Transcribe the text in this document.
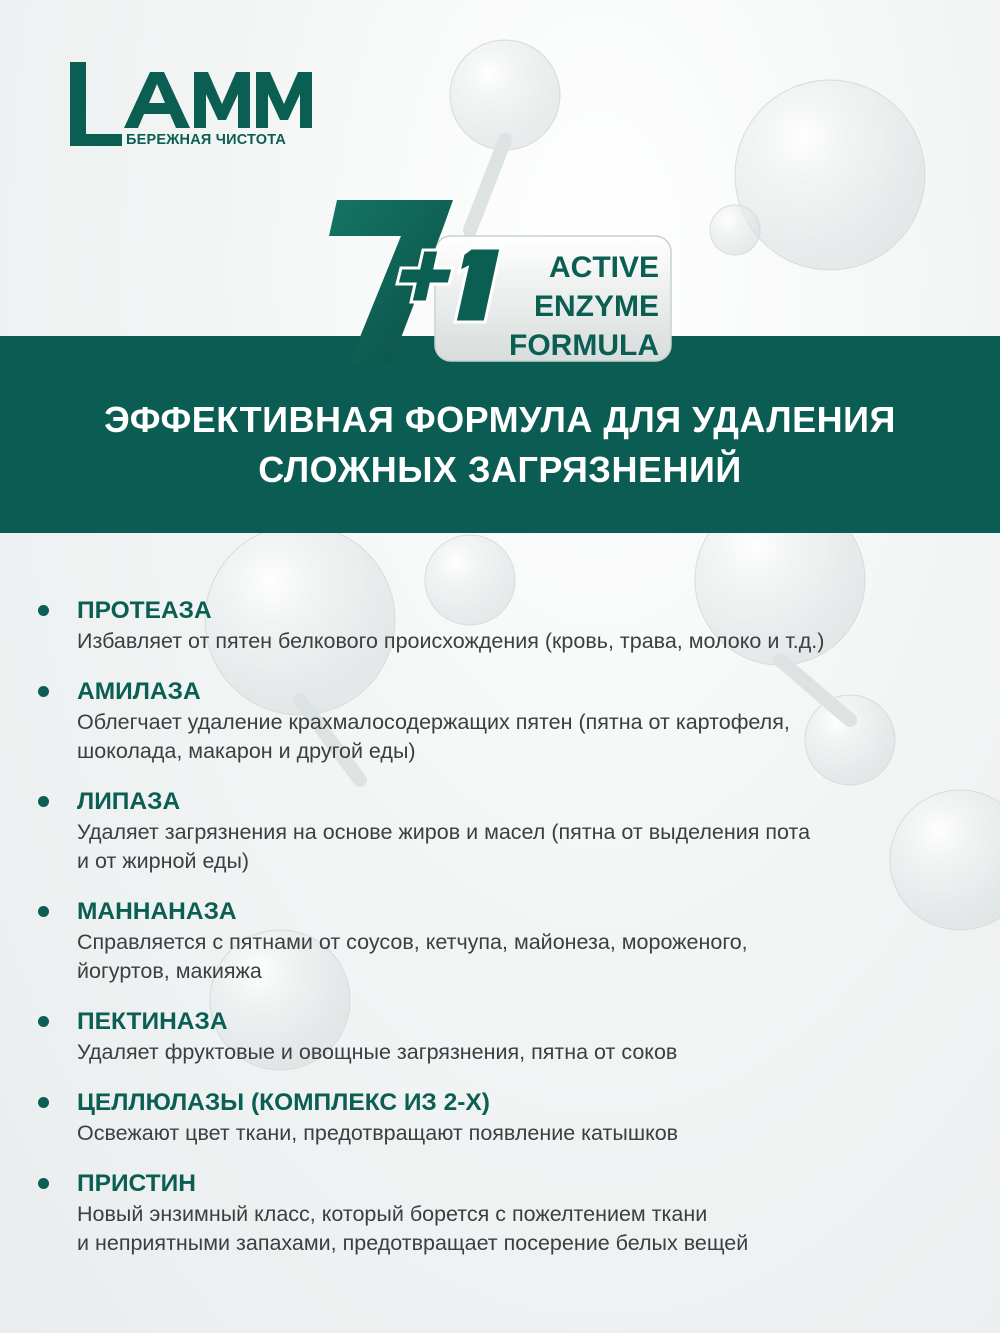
БЕРЕЖНАЯ ЧИСТОТА
ACTIVE
ENZYME
FORMULA
ЭФФЕКТИВНАЯ ФОРМУЛА ДЛЯ УДАЛЕНИЯ
СЛОЖНЫХ ЗАГРЯЗНЕНИЙ
ПРОТЕАЗА
Избавляет от пятен белкового происхождения (кровь, трава, молоко и т.д.)
АМИЛАЗА
Облегчает удаление крахмалосодержащих пятен (пятна от картофеля,
шоколада, макарон и другой еды)
ЛИПАЗА
Удаляет загрязнения на основе жиров и масел (пятна от выделения пота
и от жирной еды)
МАННАНАЗА
Справляется с пятнами от соусов, кетчупа, майонеза, мороженого,
йогуртов, макияжа
ПЕКТИНАЗА
Удаляет фруктовые и овощные загрязнения, пятна от соков
ЦЕЛЛЮЛАЗЫ (КОМПЛЕКС ИЗ 2-Х)
Освежают цвет ткани, предотвращают появление катышков
ПРИСТИН
Новый энзимный класс, который борется с пожелтением ткани
и неприятными запахами, предотвращает посерение белых вещей
